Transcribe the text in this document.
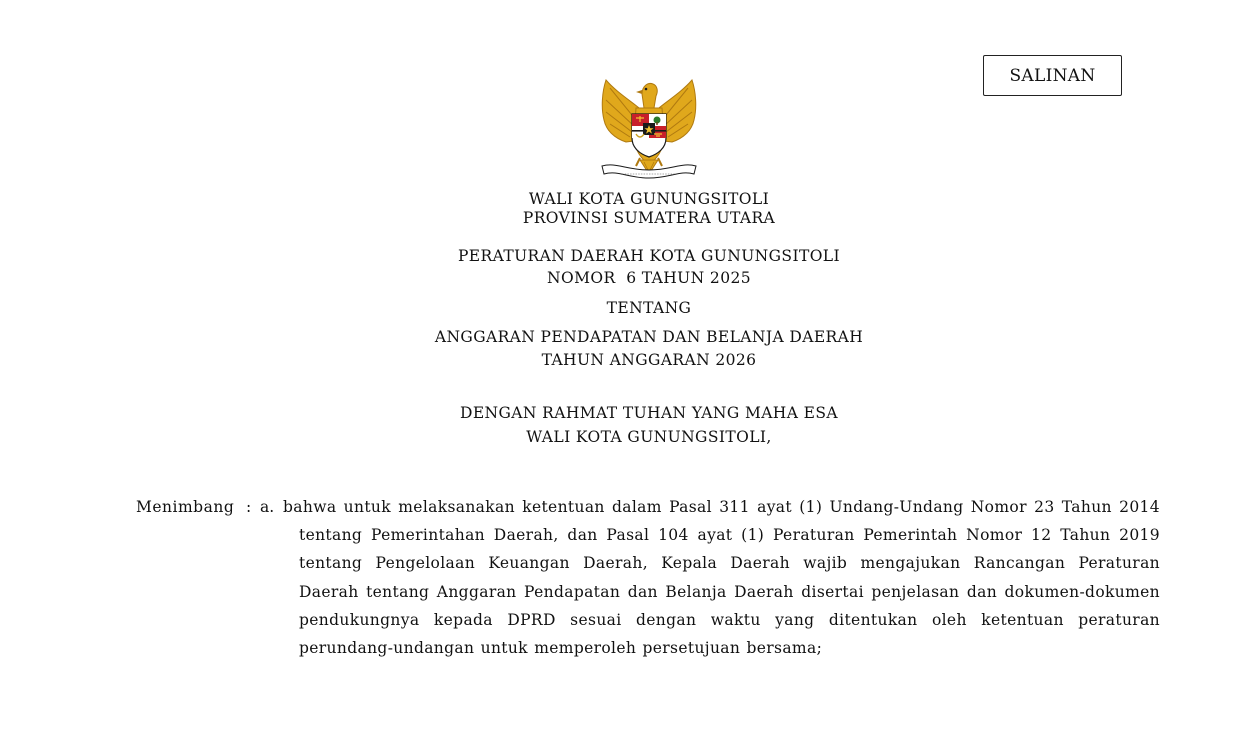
SALINAN
WALI KOTA GUNUNGSITOLI
PROVINSI SUMATERA UTARA
PERATURAN DAERAH KOTA GUNUNGSITOLI
NOMOR  6 TAHUN 2025
TENTANG
ANGGARAN PENDAPATAN DAN BELANJA DAERAH
TAHUN ANGGARAN 2026
DENGAN RAHMAT TUHAN YANG MAHA ESA
WALI KOTA GUNUNGSITOLI,
Menimbang : a. bahwa untuk melaksanakan ketentuan dalam Pasal 311 ayat (1) Undang-Undang Nomor 23 Tahun 2014 tentang Pemerintahan Daerah, dan Pasal 104 ayat (1) Peraturan Pemerintah Nomor 12 Tahun 2019 tentang Pengelolaan Keuangan Daerah, Kepala Daerah wajib mengajukan Rancangan Peraturan Daerah tentang Anggaran Pendapatan dan Belanja Daerah disertai penjelasan dan dokumen-dokumen pendukungnya kepada DPRD sesuai dengan waktu yang ditentukan oleh ketentuan peraturan perundang-undangan untuk memperoleh persetujuan bersama;
